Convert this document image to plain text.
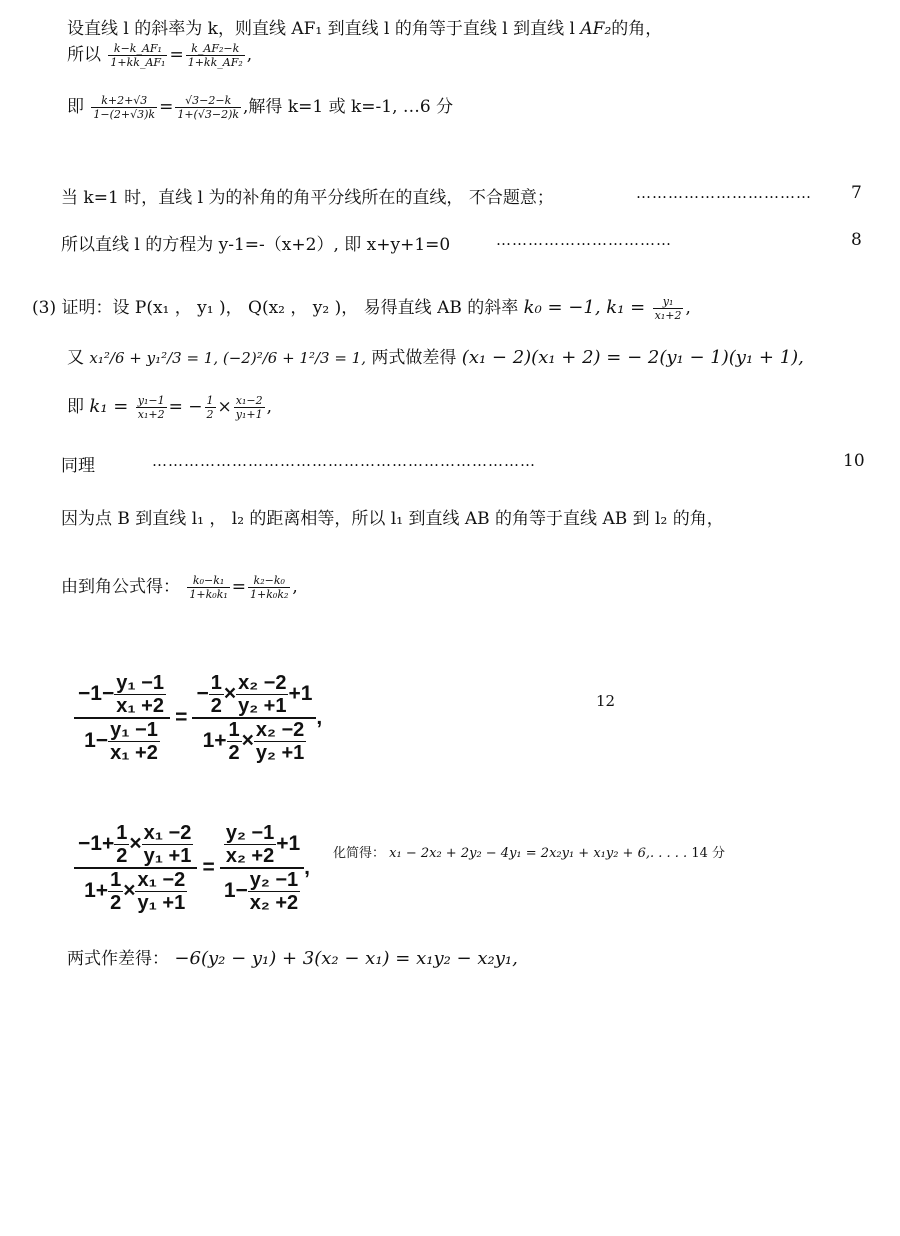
设直线 l 的斜率为 k，则直线 AF₁ 到直线 l 的角等于直线 l 到直线 l AF₂的角，
所以 $\frac{\text{k−k\_AF₁}}{\text{1+kk\_AF₁}} = \frac{\text{k\_AF₂−k}}{\text{1+kk\_AF₂}}$ ,
即 $\frac{k+2+√3}{1-(2+√3)k} = \frac{√3-2-k}{1+(√3-2)k}$ ,解得 k=1 或 k=-1, …6 分
当 k=1 时，直线 l 为的补角的角平分线所在的直线， 不合题意；	…………………………… 7
所以直线 l 的方程为 y-1=-（x+2）, 即 x+y+1=0	……………………………	8
(3) 证明：设 P(x₁ ， y₁ )， Q(x₂ ， y₂ )， 易得直线 AB 的斜率 k₀ = −1, $k_1 = \frac{\text{y₁}}{\text{x₁+2}}$ ,
又 x₁²/6 + y₁²/3 = 1, (−2)²/6 + 1²/3 = 1, 两式做差得 (x₁ − 2)(x₁ + 2) = − 2(y₁ − 1)(y₁ + 1),
即 $k_1 = \frac{\text{y₁−1}}{\text{x₁+2}}$ = − $\frac{1}{2} \times \frac{\text{x₁−2}}{\text{y₁+1}}$ ,
同理	………………………………………………………………	10
因为点 B 到直线 l₁ ， l₂ 的距离相等，所以 l₁ 到直线 AB 的角等于直线 AB 到 l₂ 的角，
由到角公式得： $\frac{\text{k₀−k₁}}{\text{1+k₀k₁}} = \frac{\text{k₂−k₀}}{\text{1+k₀k₂}}$ ,
$\frac{-1- \frac{\text{y₁ −1}}{\text{x₁ +2}}}{1- \frac{\text{y₁ −1}}{\text{x₁ +2}}} = \frac{- \frac{1}{2} \times \frac{\text{x₂ −2}}{\text{y₂ +1}} +1}{1+ \frac{1}{2} \times \frac{\text{x₂ −2}}{\text{y₂ +1}}}$ ,
12
$\frac{-1+ \frac{1}{2} \times \frac{\text{x₁ −2}}{\text{y₁ +1}}}{1+ \frac{1}{2} \times \frac{\text{x₁ −2}}{\text{y₁ +1}}} = \frac{\frac{\text{y₂ −1}}{\text{x₂ +2}} +1}{1- \frac{\text{y₂ −1}}{\text{x₂ +2}}}$ ,
化简得： x₁ − 2x₂ + 2y₂ − 4y₁ = 2x₂y₁ + x₁y₂ + 6,. . . . . 14 分
两式作差得： −6(y₂ − y₁) + 3(x₂ − x₁) = x₁y₂ − x₂y₁,
